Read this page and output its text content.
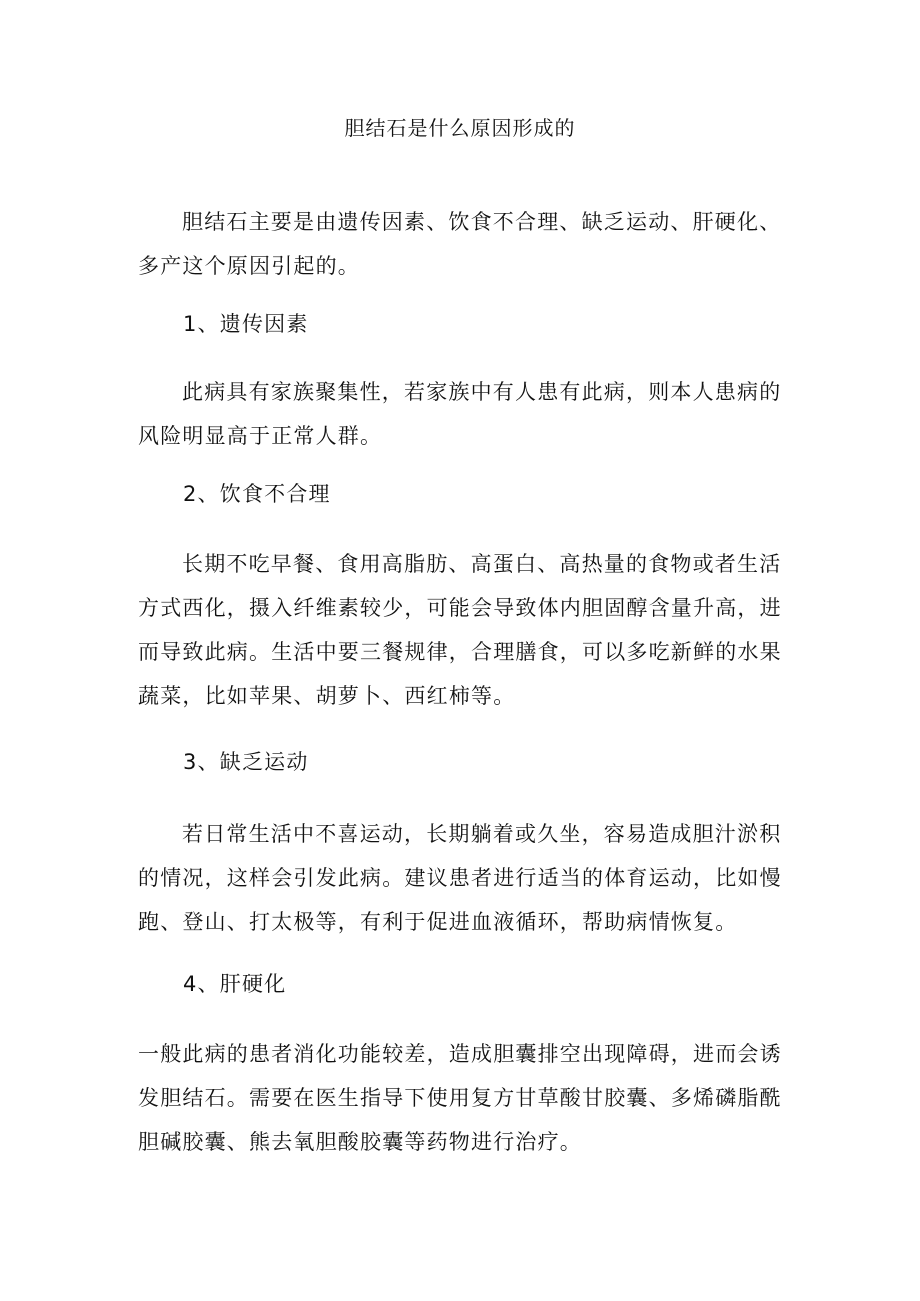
胆结石是什么原因形成的

胆结石主要是由遗传因素、饮食不合理、缺乏运动、肝硬化、多产这个原因引起的。

1、遗传因素

此病具有家族聚集性，若家族中有人患有此病，则本人患病的风险明显高于正常人群。

2、饮食不合理

长期不吃早餐、食用高脂肪、高蛋白、高热量的食物或者生活方式西化，摄入纤维素较少，可能会导致体内胆固醇含量升高，进而导致此病。生活中要三餐规律，合理膳食，可以多吃新鲜的水果蔬菜，比如苹果、胡萝卜、西红柿等。

3、缺乏运动

若日常生活中不喜运动，长期躺着或久坐，容易造成胆汁淤积的情况，这样会引发此病。建议患者进行适当的体育运动，比如慢跑、登山、打太极等，有利于促进血液循环，帮助病情恢复。

4、肝硬化

一般此病的患者消化功能较差，造成胆囊排空出现障碍，进而会诱发胆结石。需要在医生指导下使用复方甘草酸甘胶囊、多烯磷脂酰胆碱胶囊、熊去氧胆酸胶囊等药物进行治疗。
